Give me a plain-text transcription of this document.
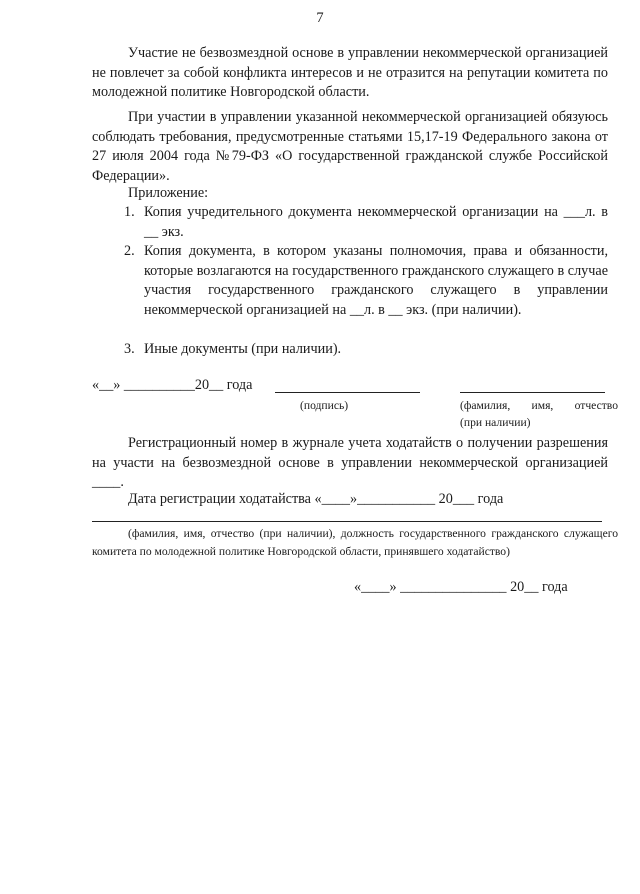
7

Участие не безвозмездной основе в управлении некоммерческой организацией не повлечет за собой конфликта интересов и не отразится на репутации комитета по молодежной политике Новгородской области.

При участии в управлении указанной некоммерческой организацией обязуюсь соблюдать требования, предусмотренные статьями 15,17-19 Федерального закона от 27 июля 2004 года №79-ФЗ «О государственной гражданской службе Российской Федерации».

Приложение:
1. Копия учредительного документа некоммерческой организации на ___л. в __ экз.
2. Копия документа, в котором указаны полномочия, права и обязанности, которые возлагаются на государственного гражданского служащего в случае участия государственного гражданского служащего в управлении некоммерческой организацией на __л. в __ экз. (при наличии).
3. Иные документы (при наличии).
«__» __________20__ года
(подпись)	(фамилия, имя, отчество
(при наличии)

Регистрационный номер в журнале учета ходатайств о получении разрешения на участи на безвозмездной основе в управлении некоммерческой организацией ____.

Дата регистрации ходатайства «____»___________ 20___ года

(фамилия, имя, отчество (при наличии), должность государственного гражданского служащего комитета по молодежной политике Новгородской области, принявшего ходатайство)

«____» _______________ 20__ года
